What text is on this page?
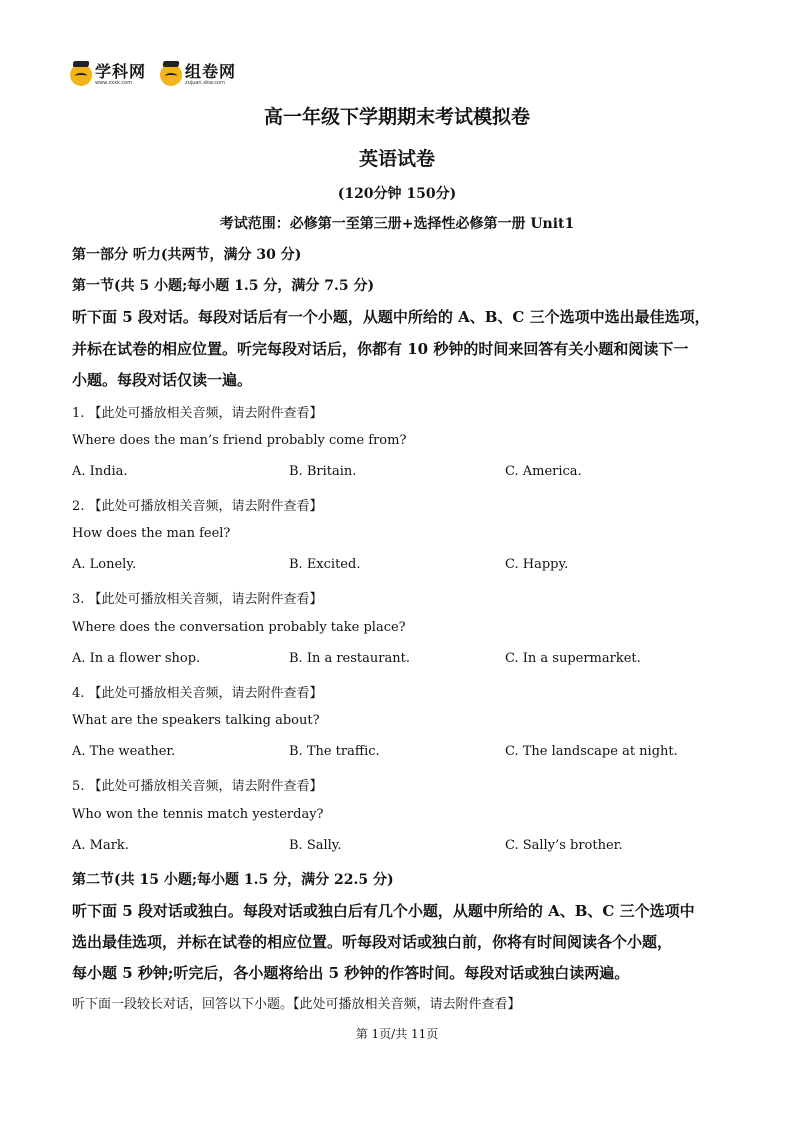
学科网
www.zxxk.com
组卷网
zujuan.xkw.com
高一年级下学期期末考试模拟卷
英语试卷
(120分钟 150分)
考试范围：必修第一至第三册+选择性必修第一册 Unit1
第一部分 听力(共两节，满分 30 分)
第一节(共 5 小题;每小题 1.5 分，满分 7.5 分)
听下面 5 段对话。每段对话后有一个小题，从题中所给的 A、B、C 三个选项中选出最佳选项，
并标在试卷的相应位置。听完每段对话后，你都有 10 秒钟的时间来回答有关小题和阅读下一
小题。每段对话仅读一遍。
1. 【此处可播放相关音频，请去附件查看】
Where does the man’s friend probably come from?
A. India.	B. Britain.	C. America.
2. 【此处可播放相关音频，请去附件查看】
How does the man feel?
A. Lonely.	B. Excited.	C. Happy.
3. 【此处可播放相关音频，请去附件查看】
Where does the conversation probably take place?
A. In a flower shop.	B. In a restaurant.	C. In a supermarket.
4. 【此处可播放相关音频，请去附件查看】
What are the speakers talking about?
A. The weather.	B. The traffic.	C. The landscape at night.
5. 【此处可播放相关音频，请去附件查看】
Who won the tennis match yesterday?
A. Mark.	B. Sally.	C. Sally’s brother.
第二节(共 15 小题;每小题 1.5 分，满分 22.5 分)
听下面 5 段对话或独白。每段对话或独白后有几个小题，从题中所给的 A、B、C 三个选项中
选出最佳选项，并标在试卷的相应位置。听每段对话或独白前，你将有时间阅读各个小题，
每小题 5 秒钟;听完后，各小题将给出 5 秒钟的作答时间。每段对话或独白读两遍。
听下面一段较长对话，回答以下小题。【此处可播放相关音频，请去附件查看】
第 1页/共 11页
